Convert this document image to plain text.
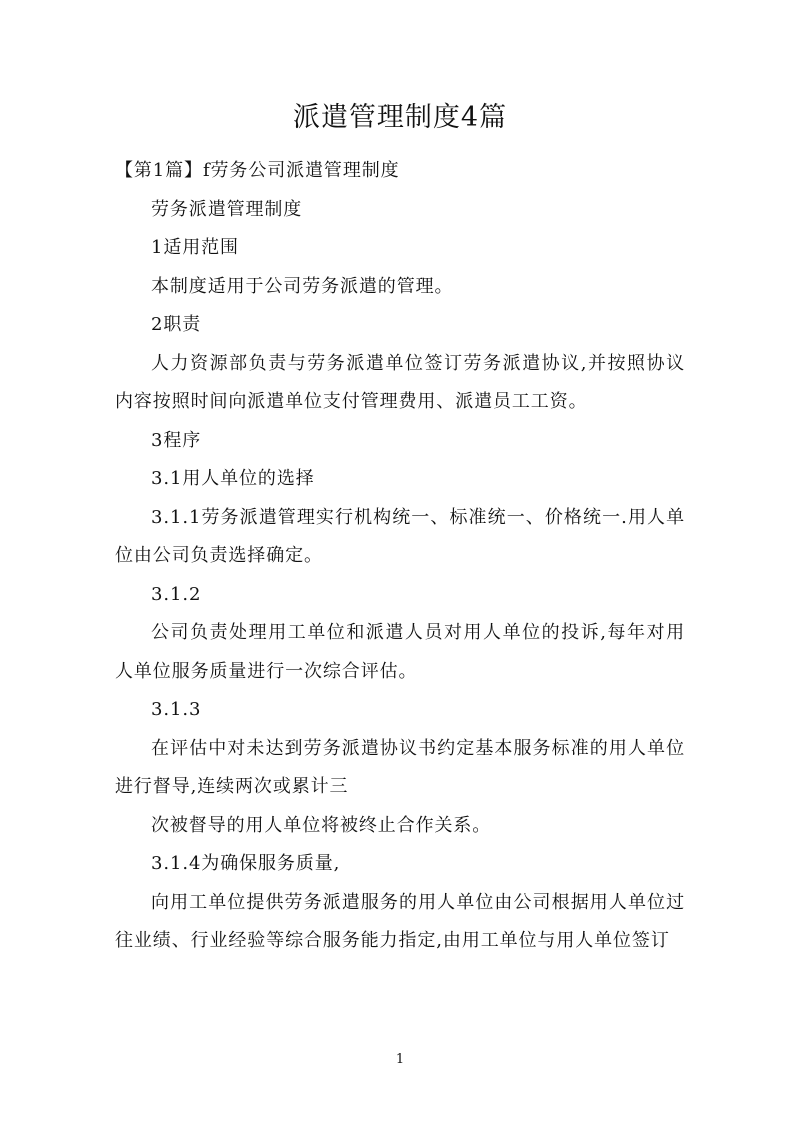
派遣管理制度4篇

【第1篇】f劳务公司派遣管理制度

劳务派遣管理制度

1适用范围

本制度适用于公司劳务派遣的管理。

2职责

人力资源部负责与劳务派遣单位签订劳务派遣协议,并按照协议内容按照时间向派遣单位支付管理费用、派遣员工工资。

3程序

3.1用人单位的选择

3.1.1劳务派遣管理实行机构统一、标准统一、价格统一.用人单位由公司负责选择确定。

3.1.2

公司负责处理用工单位和派遣人员对用人单位的投诉,每年对用人单位服务质量进行一次综合评估。

3.1.3

在评估中对未达到劳务派遣协议书约定基本服务标准的用人单位进行督导,连续两次或累计三

次被督导的用人单位将被终止合作关系。

3.1.4为确保服务质量,

向用工单位提供劳务派遣服务的用人单位由公司根据用人单位过往业绩、行业经验等综合服务能力指定,由用工单位与用人单位签订

1
